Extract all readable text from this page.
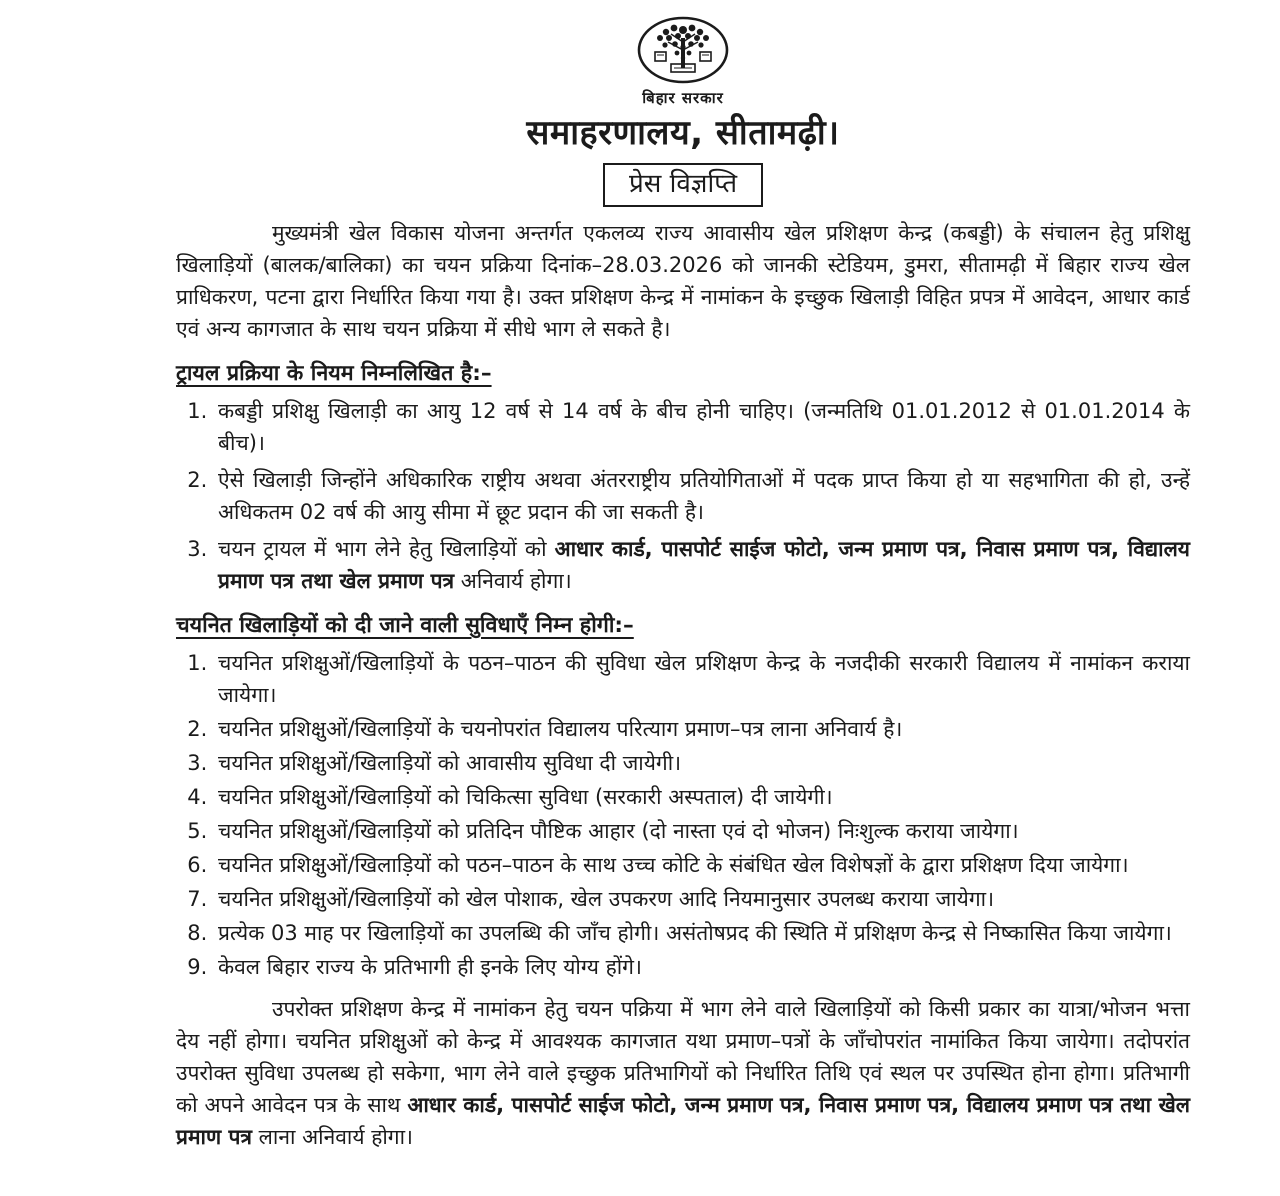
बिहार सरकार
समाहरणालय, सीतामढ़ी।
प्रेस विज्ञप्ति

मुख्यमंत्री खेल विकास योजना अन्तर्गत एकलव्य राज्य आवासीय खेल प्रशिक्षण केन्द्र (कबड्डी) के संचालन हेतु प्रशिक्षु खिलाड़ियों (बालक/बालिका) का चयन प्रक्रिया दिनांक–28.03.2026 को जानकी स्टेडियम, डुमरा, सीतामढ़ी में बिहार राज्य खेल प्राधिकरण, पटना द्वारा निर्धारित किया गया है। उक्त प्रशिक्षण केन्द्र में नामांकन के इच्छुक खिलाड़ी विहित प्रपत्र में आवेदन, आधार कार्ड एवं अन्य कागजात के साथ चयन प्रक्रिया में सीधे भाग ले सकते है।

ट्रायल प्रक्रिया के नियम निम्नलिखित है:–
1. कबड्डी प्रशिक्षु खिलाड़ी का आयु 12 वर्ष से 14 वर्ष के बीच होनी चाहिए। (जन्मतिथि 01.01.2012 से 01.01.2014 के बीच)।
2. ऐसे खिलाड़ी जिन्होंने अधिकारिक राष्ट्रीय अथवा अंतरराष्ट्रीय प्रतियोगिताओं में पदक प्राप्त किया हो या सहभागिता की हो, उन्हें अधिकतम 02 वर्ष की आयु सीमा में छूट प्रदान की जा सकती है।
3. चयन ट्रायल में भाग लेने हेतु खिलाड़ियों को आधार कार्ड, पासपोर्ट साईज फोटो, जन्म प्रमाण पत्र, निवास प्रमाण पत्र, विद्यालय प्रमाण पत्र तथा खेल प्रमाण पत्र अनिवार्य होगा।
चयनित खिलाड़ियों को दी जाने वाली सुविधाएँ निम्न होगी:–
1. चयनित प्रशिक्षुओं/खिलाड़ियों के पठन–पाठन की सुविधा खेल प्रशिक्षण केन्द्र के नजदीकी सरकारी विद्यालय में नामांकन कराया जायेगा।
2. चयनित प्रशिक्षुओं/खिलाड़ियों के चयनोपरांत विद्यालय परित्याग प्रमाण–पत्र लाना अनिवार्य है।
3. चयनित प्रशिक्षुओं/खिलाड़ियों को आवासीय सुविधा दी जायेगी।
4. चयनित प्रशिक्षुओं/खिलाड़ियों को चिकित्सा सुविधा (सरकारी अस्पताल) दी जायेगी।
5. चयनित प्रशिक्षुओं/खिलाड़ियों को प्रतिदिन पौष्टिक आहार (दो नास्ता एवं दो भोजन) निःशुल्क कराया जायेगा।
6. चयनित प्रशिक्षुओं/खिलाड़ियों को पठन–पाठन के साथ उच्च कोटि के संबंधित खेल विशेषज्ञों के द्वारा प्रशिक्षण दिया जायेगा।
7. चयनित प्रशिक्षुओं/खिलाड़ियों को खेल पोशाक, खेल उपकरण आदि नियमानुसार उपलब्ध कराया जायेगा।
8. प्रत्येक 03 माह पर खिलाड़ियों का उपलब्धि की जाँच होगी। असंतोषप्रद की स्थिति में प्रशिक्षण केन्द्र से निष्कासित किया जायेगा।
9. केवल बिहार राज्य के प्रतिभागी ही इनके लिए योग्य होंगे।

उपरोक्त प्रशिक्षण केन्द्र में नामांकन हेतु चयन पक्रिया में भाग लेने वाले खिलाड़ियों को किसी प्रकार का यात्रा/भोजन भत्ता देय नहीं होगा। चयनित प्रशिक्षुओं को केन्द्र में आवश्यक कागजात यथा प्रमाण–पत्रों के जाँचोपरांत नामांकित किया जायेगा। तदोपरांत उपरोक्त सुविधा उपलब्ध हो सकेगा, भाग लेने वाले इच्छुक प्रतिभागियों को निर्धारित तिथि एवं स्थल पर उपस्थित होना होगा। प्रतिभागी को अपने आवेदन पत्र के साथ आधार कार्ड, पासपोर्ट साईज फोटो, जन्म प्रमाण पत्र, निवास प्रमाण पत्र, विद्यालय प्रमाण पत्र तथा खेल प्रमाण पत्र लाना अनिवार्य होगा।
